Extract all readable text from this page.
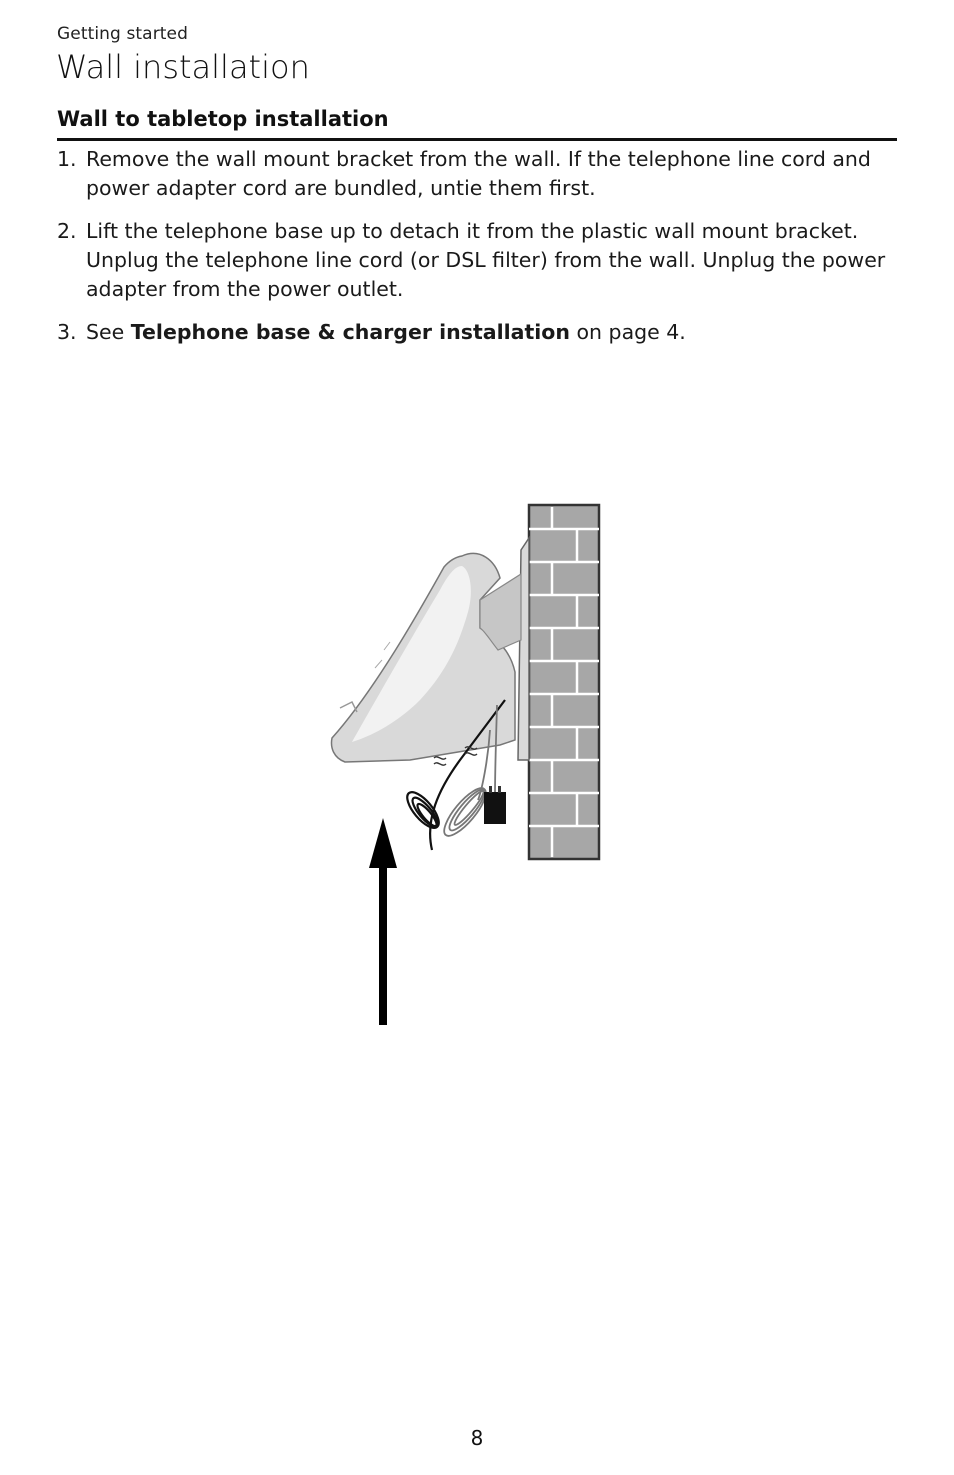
Getting started
Wall installation
Wall to tabletop installation
1. Remove the wall mount bracket from the wall. If the telephone line cord and power adapter cord are bundled, untie them first.
2. Lift the telephone base up to detach it from the plastic wall mount bracket. Unplug the telephone line cord (or DSL filter) from the wall. Unplug the power adapter from the power outlet.
3. See Telephone base & charger installation on page 4.
8
